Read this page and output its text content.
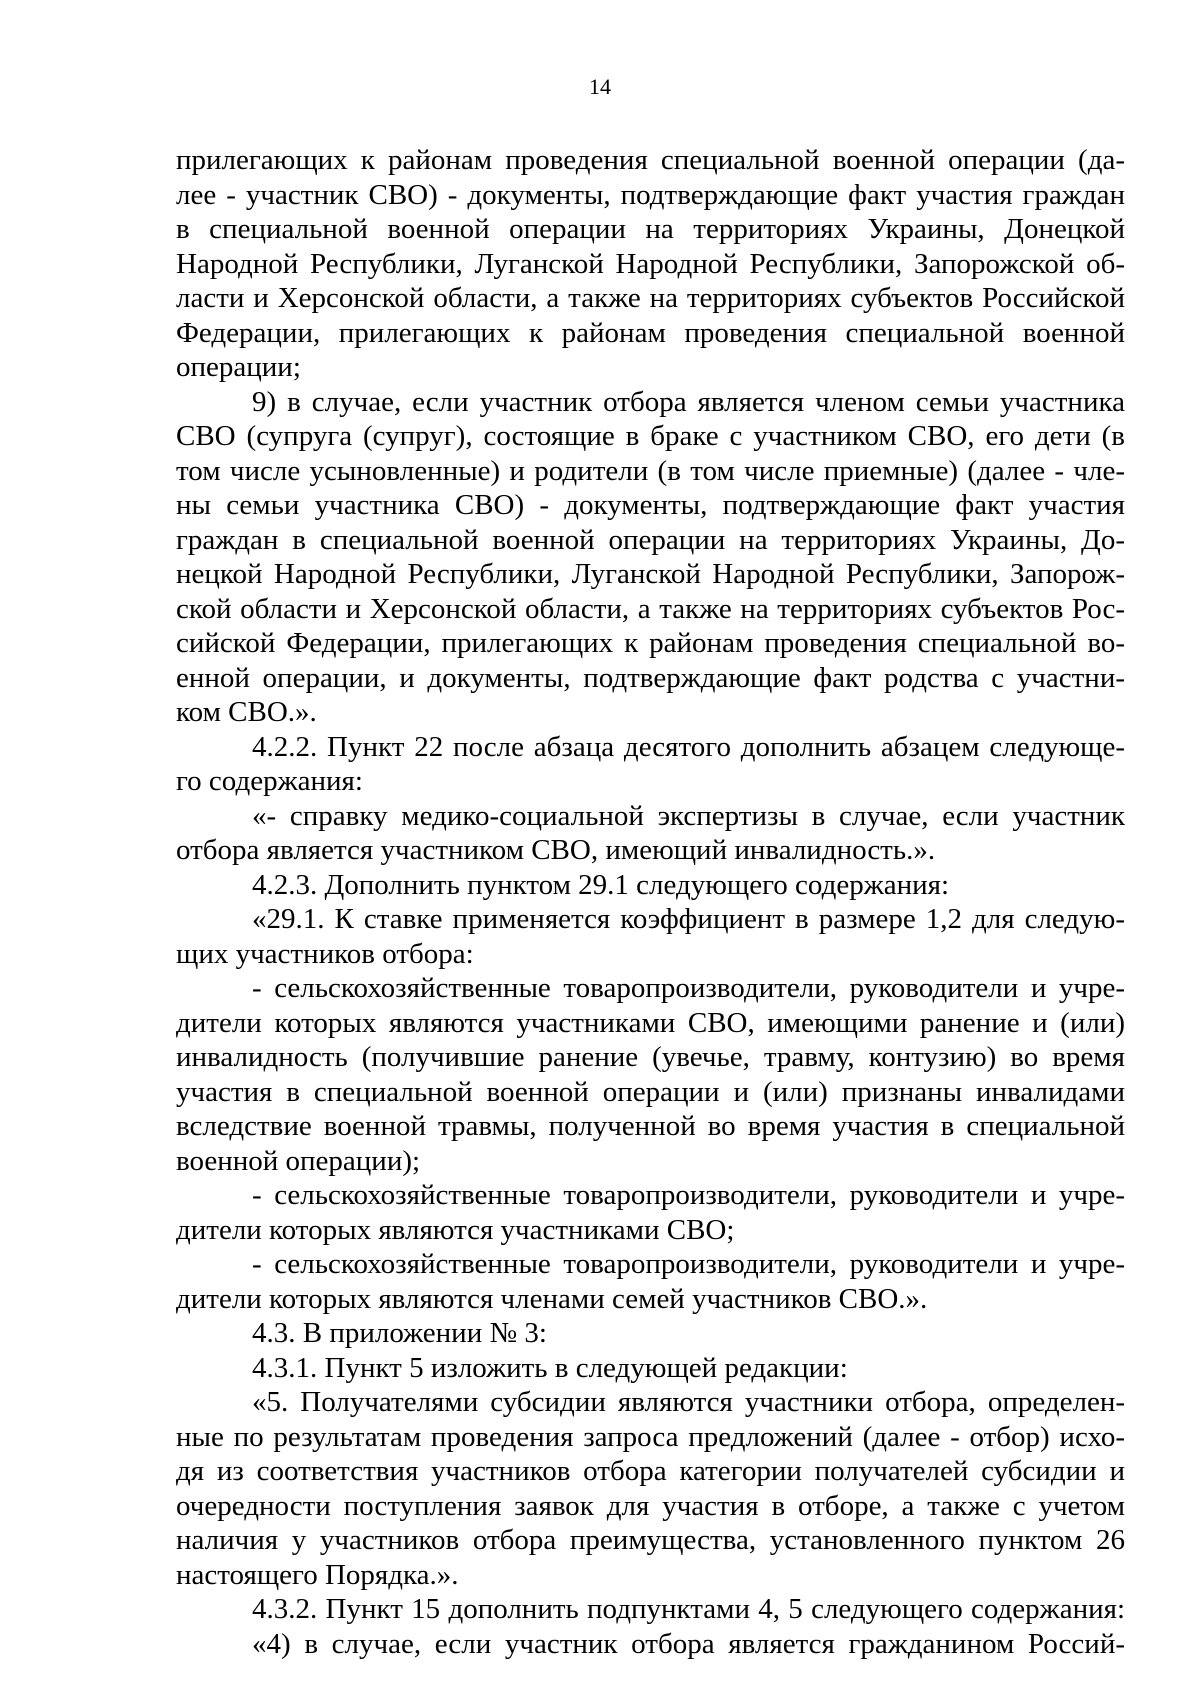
14
прилегающих к районам проведения специальной военной операции (да-
лее - участник СВО) - документы, подтверждающие факт участия граждан
в специальной военной операции на территориях Украины, Донецкой
Народной Республики, Луганской Народной Республики, Запорожской об-
ласти и Херсонской области, а также на территориях субъектов Российской
Федерации, прилегающих к районам проведения специальной военной
операции;
9) в случае, если участник отбора является членом семьи участника
СВО (супруга (супруг), состоящие в браке с участником СВО, его дети (в
том числе усыновленные) и родители (в том числе приемные) (далее - чле-
ны семьи участника СВО) - документы, подтверждающие факт участия
граждан в специальной военной операции на территориях Украины, До-
нецкой Народной Республики, Луганской Народной Республики, Запорож-
ской области и Херсонской области, а также на территориях субъектов Рос-
сийской Федерации, прилегающих к районам проведения специальной во-
енной операции, и документы, подтверждающие факт родства с участни-
ком СВО.».
4.2.2. Пункт 22 после абзаца десятого дополнить абзацем следующе-
го содержания:
«- справку медико-социальной экспертизы в случае, если участник
отбора является участником СВО, имеющий инвалидность.».
4.2.3. Дополнить пунктом 29.1 следующего содержания:
«29.1. К ставке применяется коэффициент в размере 1,2 для следую-
щих участников отбора:
- сельскохозяйственные товаропроизводители, руководители и учре-
дители которых являются участниками СВО, имеющими ранение и (или)
инвалидность (получившие ранение (увечье, травму, контузию) во время
участия в специальной военной операции и (или) признаны инвалидами
вследствие военной травмы, полученной во время участия в специальной
военной операции);
- сельскохозяйственные товаропроизводители, руководители и учре-
дители которых являются участниками СВО;
- сельскохозяйственные товаропроизводители, руководители и учре-
дители которых являются членами семей участников СВО.».
4.3. В приложении № 3:
4.3.1. Пункт 5 изложить в следующей редакции:
«5. Получателями субсидии являются участники отбора, определен-
ные по результатам проведения запроса предложений (далее - отбор) исхо-
дя из соответствия участников отбора категории получателей субсидии и
очередности поступления заявок для участия в отборе, а также с учетом
наличия у участников отбора преимущества, установленного пунктом 26
настоящего Порядка.».
4.3.2. Пункт 15 дополнить подпунктами 4, 5 следующего содержания:
«4) в случае, если участник отбора является гражданином Россий-
